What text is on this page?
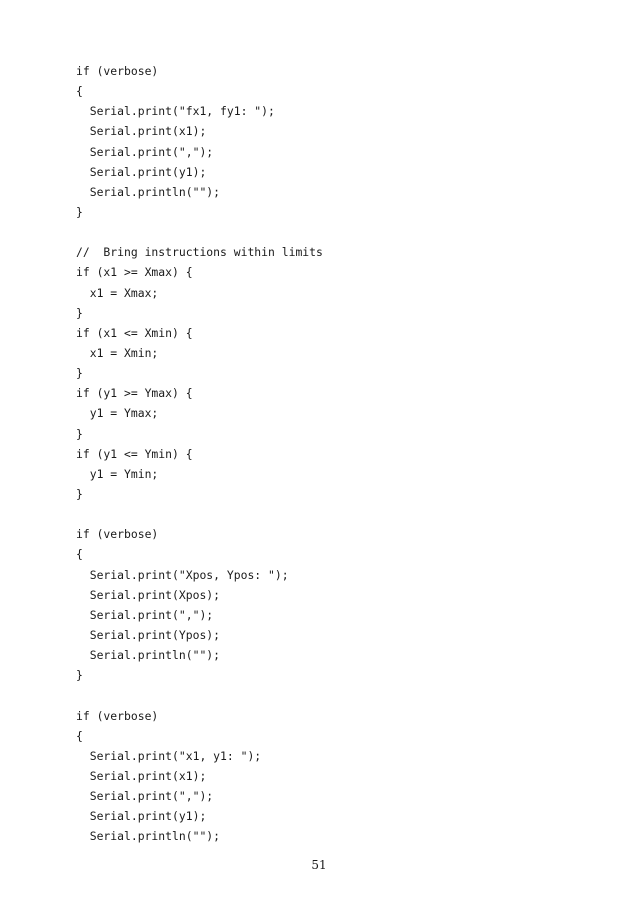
if (verbose)
{
Serial.print("fx1, fy1: ");
Serial.print(x1);
Serial.print(",");
Serial.print(y1);
Serial.println("");
}
//  Bring instructions within limits
if (x1 >= Xmax) {
x1 = Xmax;
}
if (x1 <= Xmin) {
x1 = Xmin;
}
if (y1 >= Ymax) {
y1 = Ymax;
}
if (y1 <= Ymin) {
y1 = Ymin;
}
if (verbose)
{
Serial.print("Xpos, Ypos: ");
Serial.print(Xpos);
Serial.print(",");
Serial.print(Ypos);
Serial.println("");
}
if (verbose)
{
Serial.print("x1, y1: ");
Serial.print(x1);
Serial.print(",");
Serial.print(y1);
Serial.println("");
51
